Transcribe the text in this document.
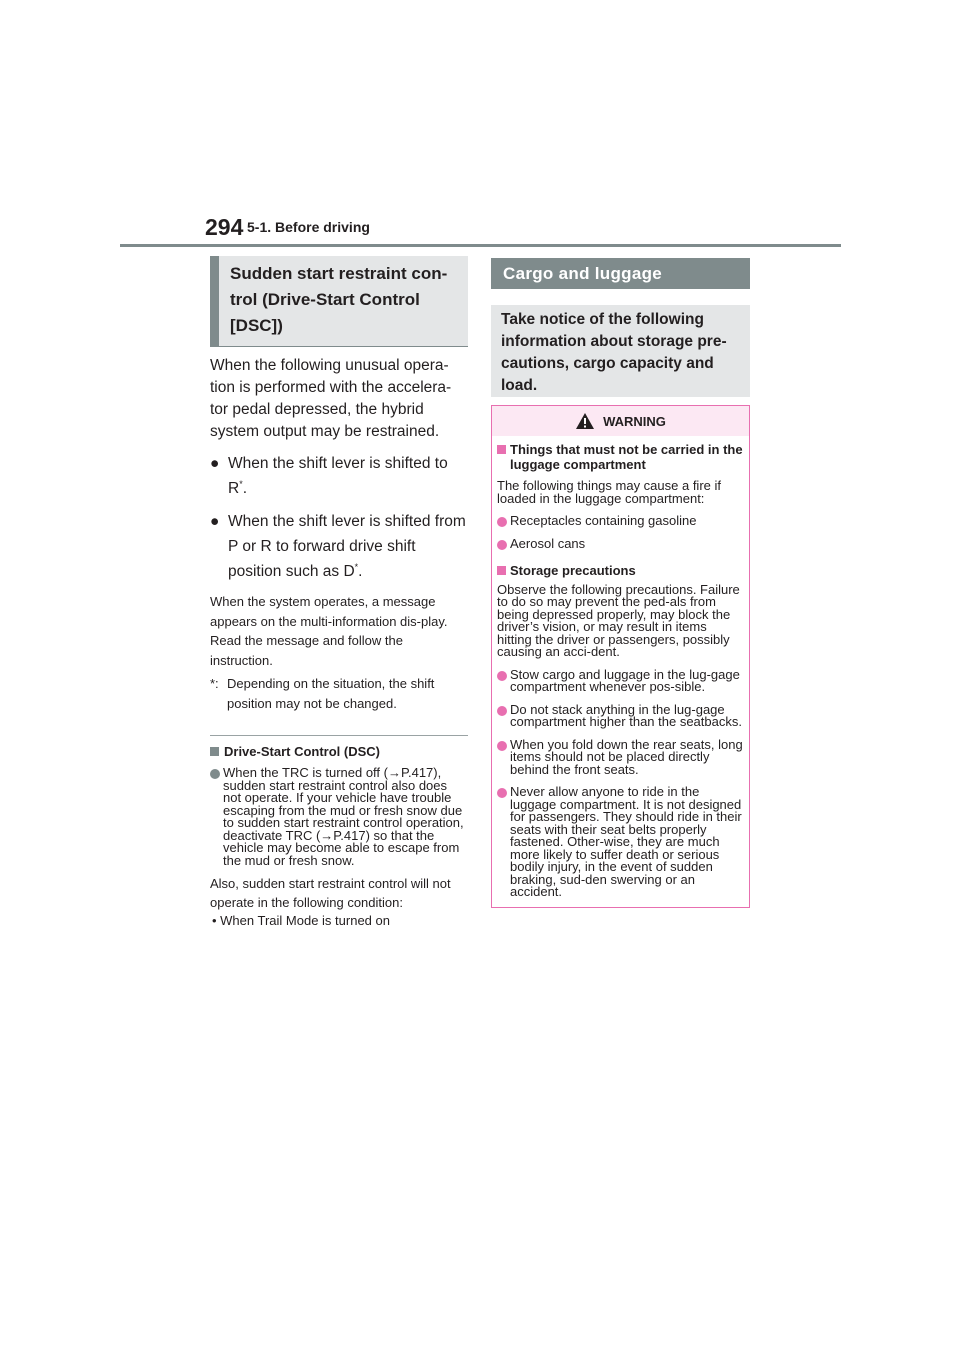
294 5-1. Before driving
Sudden start restraint con-trol (Drive-Start Control [DSC])
When the following unusual opera-tion is performed with the accelera-tor pedal depressed, the hybrid system output may be restrained.
● When the shift lever is shifted to R*.
● When the shift lever is shifted from P or R to forward drive shift position such as D*.
When the system operates, a message appears on the multi-information dis-play. Read the message and follow the instruction.
*: Depending on the situation, the shift position may not be changed.
Drive-Start Control (DSC)
When the TRC is turned off (→P.417), sudden start restraint control also does not operate. If your vehicle have trouble escaping from the mud or fresh snow due to sudden start restraint control operation, deactivate TRC (→P.417) so that the vehicle may become able to escape from the mud or fresh snow.
Also, sudden start restraint control will not operate in the following condition:
• When Trail Mode is turned on
Cargo and luggage
Take notice of the following information about storage pre-cautions, cargo capacity and load.
WARNING
Things that must not be carried in the luggage compartment
The following things may cause a fire if loaded in the luggage compartment:
Receptacles containing gasoline
Aerosol cans
Storage precautions
Observe the following precautions. Failure to do so may prevent the ped-als from being depressed properly, may block the driver’s vision, or may result in items hitting the driver or passengers, possibly causing an acci-dent.
Stow cargo and luggage in the lug-gage compartment whenever pos-sible.
Do not stack anything in the lug-gage compartment higher than the seatbacks.
When you fold down the rear seats, long items should not be placed directly behind the front seats.
Never allow anyone to ride in the luggage compartment. It is not designed for passengers. They should ride in their seats with their seat belts properly fastened. Other-wise, they are much more likely to suffer death or serious bodily injury, in the event of sudden braking, sud-den swerving or an accident.
